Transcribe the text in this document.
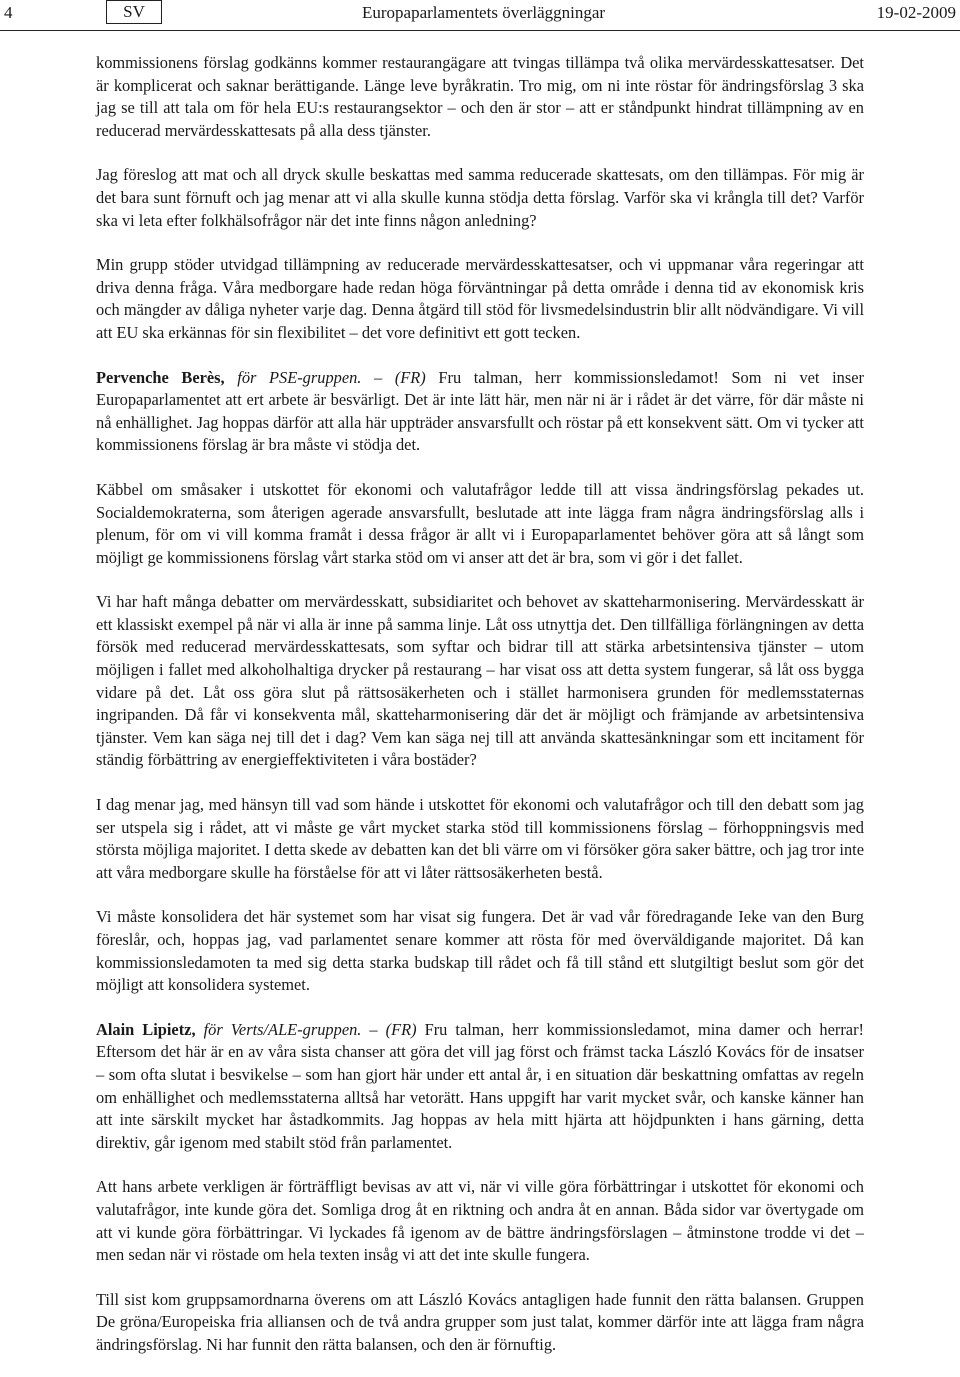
4	SV	Europaparlamentets överläggningar	19-02-2009

kommissionens förslag godkänns kommer restaurangägare att tvingas tillämpa två olika mervärdesskattesatser. Det är komplicerat och saknar berättigande. Länge leve byråkratin. Tro mig, om ni inte röstar för ändringsförslag 3 ska jag se till att tala om för hela EU:s restaurangsektor – och den är stor – att er ståndpunkt hindrat tillämpning av en reducerad mervärdesskattesats på alla dess tjänster.

Jag föreslog att mat och all dryck skulle beskattas med samma reducerade skattesats, om den tillämpas. För mig är det bara sunt förnuft och jag menar att vi alla skulle kunna stödja detta förslag. Varför ska vi krångla till det? Varför ska vi leta efter folkhälsofrågor när det inte finns någon anledning?

Min grupp stöder utvidgad tillämpning av reducerade mervärdesskattesatser, och vi uppmanar våra regeringar att driva denna fråga. Våra medborgare hade redan höga förväntningar på detta område i denna tid av ekonomisk kris och mängder av dåliga nyheter varje dag. Denna åtgärd till stöd för livsmedelsindustrin blir allt nödvändigare. Vi vill att EU ska erkännas för sin flexibilitet – det vore definitivt ett gott tecken.

Pervenche Berès, för PSE-gruppen. – (FR) Fru talman, herr kommissionsledamot! Som ni vet inser Europaparlamentet att ert arbete är besvärligt. Det är inte lätt här, men när ni är i rådet är det värre, för där måste ni nå enhällighet. Jag hoppas därför att alla här uppträder ansvarsfullt och röstar på ett konsekvent sätt. Om vi tycker att kommissionens förslag är bra måste vi stödja det.

Käbbel om småsaker i utskottet för ekonomi och valutafrågor ledde till att vissa ändringsförslag pekades ut. Socialdemokraterna, som återigen agerade ansvarsfullt, beslutade att inte lägga fram några ändringsförslag alls i plenum, för om vi vill komma framåt i dessa frågor är allt vi i Europaparlamentet behöver göra att så långt som möjligt ge kommissionens förslag vårt starka stöd om vi anser att det är bra, som vi gör i det fallet.

Vi har haft många debatter om mervärdesskatt, subsidiaritet och behovet av skatteharmonisering. Mervärdesskatt är ett klassiskt exempel på när vi alla är inne på samma linje. Låt oss utnyttja det. Den tillfälliga förlängningen av detta försök med reducerad mervärdesskattesats, som syftar och bidrar till att stärka arbetsintensiva tjänster – utom möjligen i fallet med alkoholhaltiga drycker på restaurang – har visat oss att detta system fungerar, så låt oss bygga vidare på det. Låt oss göra slut på rättsosäkerheten och i stället harmonisera grunden för medlemsstaternas ingripanden. Då får vi konsekventa mål, skatteharmonisering där det är möjligt och främjande av arbetsintensiva tjänster. Vem kan säga nej till det i dag? Vem kan säga nej till att använda skattesänkningar som ett incitament för ständig förbättring av energieffektiviteten i våra bostäder?

I dag menar jag, med hänsyn till vad som hände i utskottet för ekonomi och valutafrågor och till den debatt som jag ser utspela sig i rådet, att vi måste ge vårt mycket starka stöd till kommissionens förslag – förhoppningsvis med största möjliga majoritet. I detta skede av debatten kan det bli värre om vi försöker göra saker bättre, och jag tror inte att våra medborgare skulle ha förståelse för att vi låter rättsosäkerheten bestå.

Vi måste konsolidera det här systemet som har visat sig fungera. Det är vad vår föredragande Ieke van den Burg föreslår, och, hoppas jag, vad parlamentet senare kommer att rösta för med överväldigande majoritet. Då kan kommissionsledamoten ta med sig detta starka budskap till rådet och få till stånd ett slutgiltigt beslut som gör det möjligt att konsolidera systemet.

Alain Lipietz, för Verts/ALE-gruppen. – (FR) Fru talman, herr kommissionsledamot, mina damer och herrar! Eftersom det här är en av våra sista chanser att göra det vill jag först och främst tacka László Kovács för de insatser – som ofta slutat i besvikelse – som han gjort här under ett antal år, i en situation där beskattning omfattas av regeln om enhällighet och medlemsstaterna alltså har vetorätt. Hans uppgift har varit mycket svår, och kanske känner han att inte särskilt mycket har åstadkommits. Jag hoppas av hela mitt hjärta att höjdpunkten i hans gärning, detta direktiv, går igenom med stabilt stöd från parlamentet.

Att hans arbete verkligen är förträffligt bevisas av att vi, när vi ville göra förbättringar i utskottet för ekonomi och valutafrågor, inte kunde göra det. Somliga drog åt en riktning och andra åt en annan. Båda sidor var övertygade om att vi kunde göra förbättringar. Vi lyckades få igenom av de bättre ändringsförslagen – åtminstone trodde vi det – men sedan när vi röstade om hela texten insåg vi att det inte skulle fungera.

Till sist kom gruppsamordnarna överens om att László Kovács antagligen hade funnit den rätta balansen. Gruppen De gröna/Europeiska fria alliansen och de två andra grupper som just talat, kommer därför inte att lägga fram några ändringsförslag. Ni har funnit den rätta balansen, och den är förnuftig.
